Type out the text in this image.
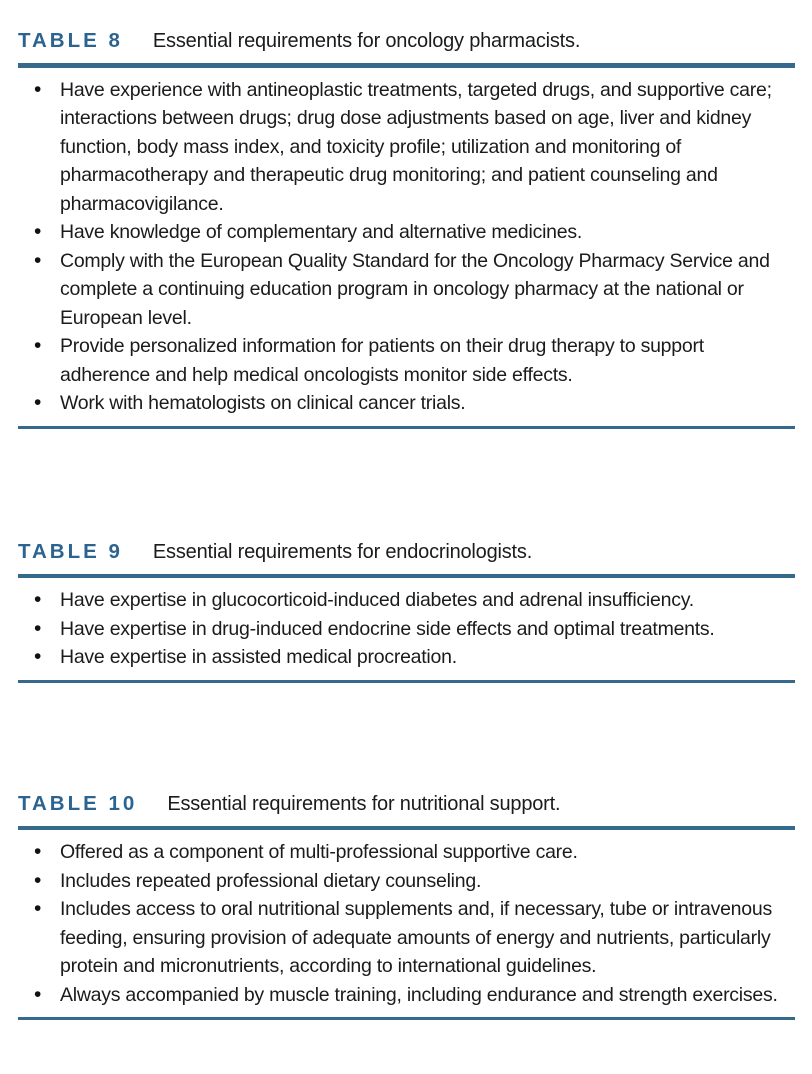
TABLE 8 Essential requirements for oncology pharmacists.
• Have experience with antineoplastic treatments, targeted drugs, and supportive care; interactions between drugs; drug dose adjustments based on age, liver and kidney function, body mass index, and toxicity profile; utilization and monitoring of pharmacotherapy and therapeutic drug monitoring; and patient counseling and pharmacovigilance.
• Have knowledge of complementary and alternative medicines.
• Comply with the European Quality Standard for the Oncology Pharmacy Service and complete a continuing education program in oncology pharmacy at the national or European level.
• Provide personalized information for patients on their drug therapy to support adherence and help medical oncologists monitor side effects.
• Work with hematologists on clinical cancer trials.
TABLE 9 Essential requirements for endocrinologists.
• Have expertise in glucocorticoid-induced diabetes and adrenal insufficiency.
• Have expertise in drug-induced endocrine side effects and optimal treatments.
• Have expertise in assisted medical procreation.
TABLE 10 Essential requirements for nutritional support.
• Offered as a component of multi-professional supportive care.
• Includes repeated professional dietary counseling.
• Includes access to oral nutritional supplements and, if necessary, tube or intravenous feeding, ensuring provision of adequate amounts of energy and nutrients, particularly protein and micronutrients, according to international guidelines.
• Always accompanied by muscle training, including endurance and strength exercises.
